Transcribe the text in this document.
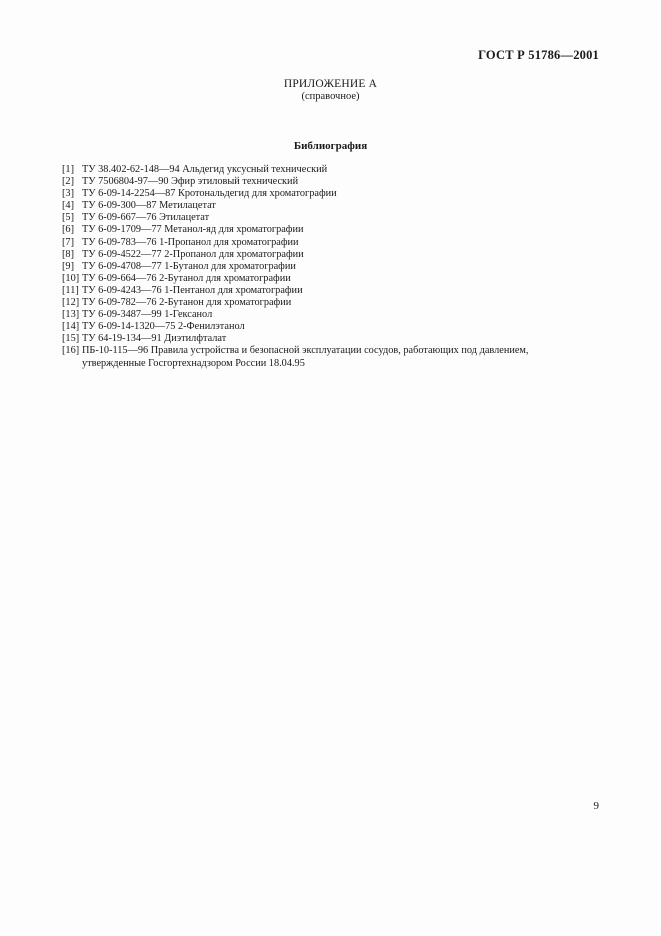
ГОСТ Р 51786—2001
ПРИЛОЖЕНИЕ А
(справочное)
Библиография
[1] ТУ 38.402-62-148—94 Альдегид уксусный технический
[2] ТУ 7506804-97—90 Эфир этиловый технический
[3] ТУ 6-09-14-2254—87 Кротональдегид для хроматографии
[4] ТУ 6-09-300—87 Метилацетат
[5] ТУ 6-09-667—76 Этилацетат
[6] ТУ 6-09-1709—77 Метанол-яд для хроматографии
[7] ТУ 6-09-783—76 1-Пропанол для хроматографии
[8] ТУ 6-09-4522—77 2-Пропанол для хроматографии
[9] ТУ 6-09-4708—77 1-Бутанол для хроматографии
[10] ТУ 6-09-664—76 2-Бутанол для хроматографии
[11] ТУ 6-09-4243—76 1-Пентанол для хроматографии
[12] ТУ 6-09-782—76 2-Бутанон для хроматографии
[13] ТУ 6-09-3487—99 1-Гексанол
[14] ТУ 6-09-14-1320—75 2-Фенилэтанол
[15] ТУ 64-19-134—91 Диэтилфталат
[16] ПБ-10-115—96 Правила устройства и безопасной эксплуатации сосудов, работающих под давлением,
утвержденные Госгортехнадзором России 18.04.95
9
